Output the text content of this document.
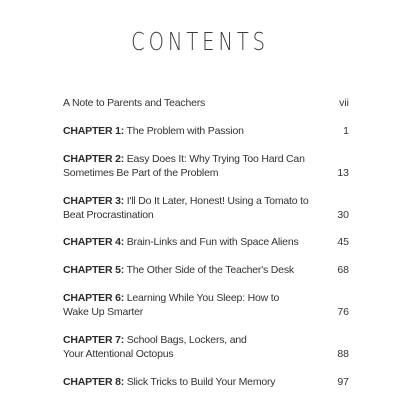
CONTENTS
A Note to Parents and Teachers	vii
CHAPTER 1: The Problem with Passion	1
CHAPTER 2: Easy Does It: Why Trying Too Hard Can
Sometimes Be Part of the Problem	13
CHAPTER 3: I'll Do It Later, Honest! Using a Tomato to
Beat Procrastination	30
CHAPTER 4: Brain-Links and Fun with Space Aliens	45
CHAPTER 5: The Other Side of the Teacher's Desk	68
CHAPTER 6: Learning While You Sleep: How to
Wake Up Smarter	76
CHAPTER 7: School Bags, Lockers, and
Your Attentional Octopus	88
CHAPTER 8: Slick Tricks to Build Your Memory	97
